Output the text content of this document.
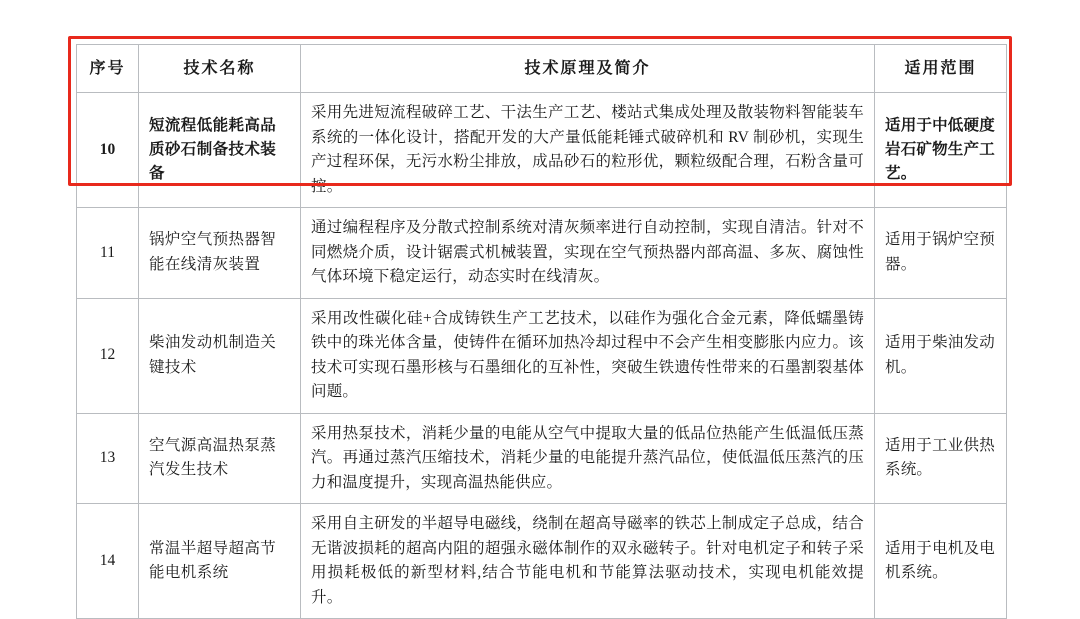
序号	技术名称	技术原理及简介	适用范围
10	短流程低能耗高品质砂石制备技术装备	采用先进短流程破碎工艺、干法生产工艺、楼站式集成处理及散装物料智能装车系统的一体化设计，搭配开发的大产量低能耗锤式破碎机和 RV 制砂机，实现生产过程环保，无污水粉尘排放，成品砂石的粒形优，颗粒级配合理，石粉含量可控。	适用于中低硬度岩石矿物生产工艺。
11	锅炉空气预热器智能在线清灰装置	通过编程程序及分散式控制系统对清灰频率进行自动控制，实现自清洁。针对不同燃烧介质，设计锯震式机械装置，实现在空气预热器内部高温、多灰、腐蚀性气体环境下稳定运行，动态实时在线清灰。	适用于锅炉空预器。
12	柴油发动机制造关键技术	采用改性碳化硅+合成铸铁生产工艺技术，以硅作为强化合金元素，降低蠕墨铸铁中的珠光体含量，使铸件在循环加热冷却过程中不会产生相变膨胀内应力。该技术可实现石墨形核与石墨细化的互补性，突破生铁遗传性带来的石墨割裂基体问题。	适用于柴油发动机。
13	空气源高温热泵蒸汽发生技术	采用热泵技术，消耗少量的电能从空气中提取大量的低品位热能产生低温低压蒸汽。再通过蒸汽压缩技术，消耗少量的电能提升蒸汽品位，使低温低压蒸汽的压力和温度提升，实现高温热能供应。	适用于工业供热系统。
14	常温半超导超高节能电机系统	采用自主研发的半超导电磁线，绕制在超高导磁率的铁芯上制成定子总成，结合无谐波损耗的超高内阻的超强永磁体制作的双永磁转子。针对电机定子和转子采用损耗极低的新型材料,结合节能电机和节能算法驱动技术，实现电机能效提升。	适用于电机及电机系统。
